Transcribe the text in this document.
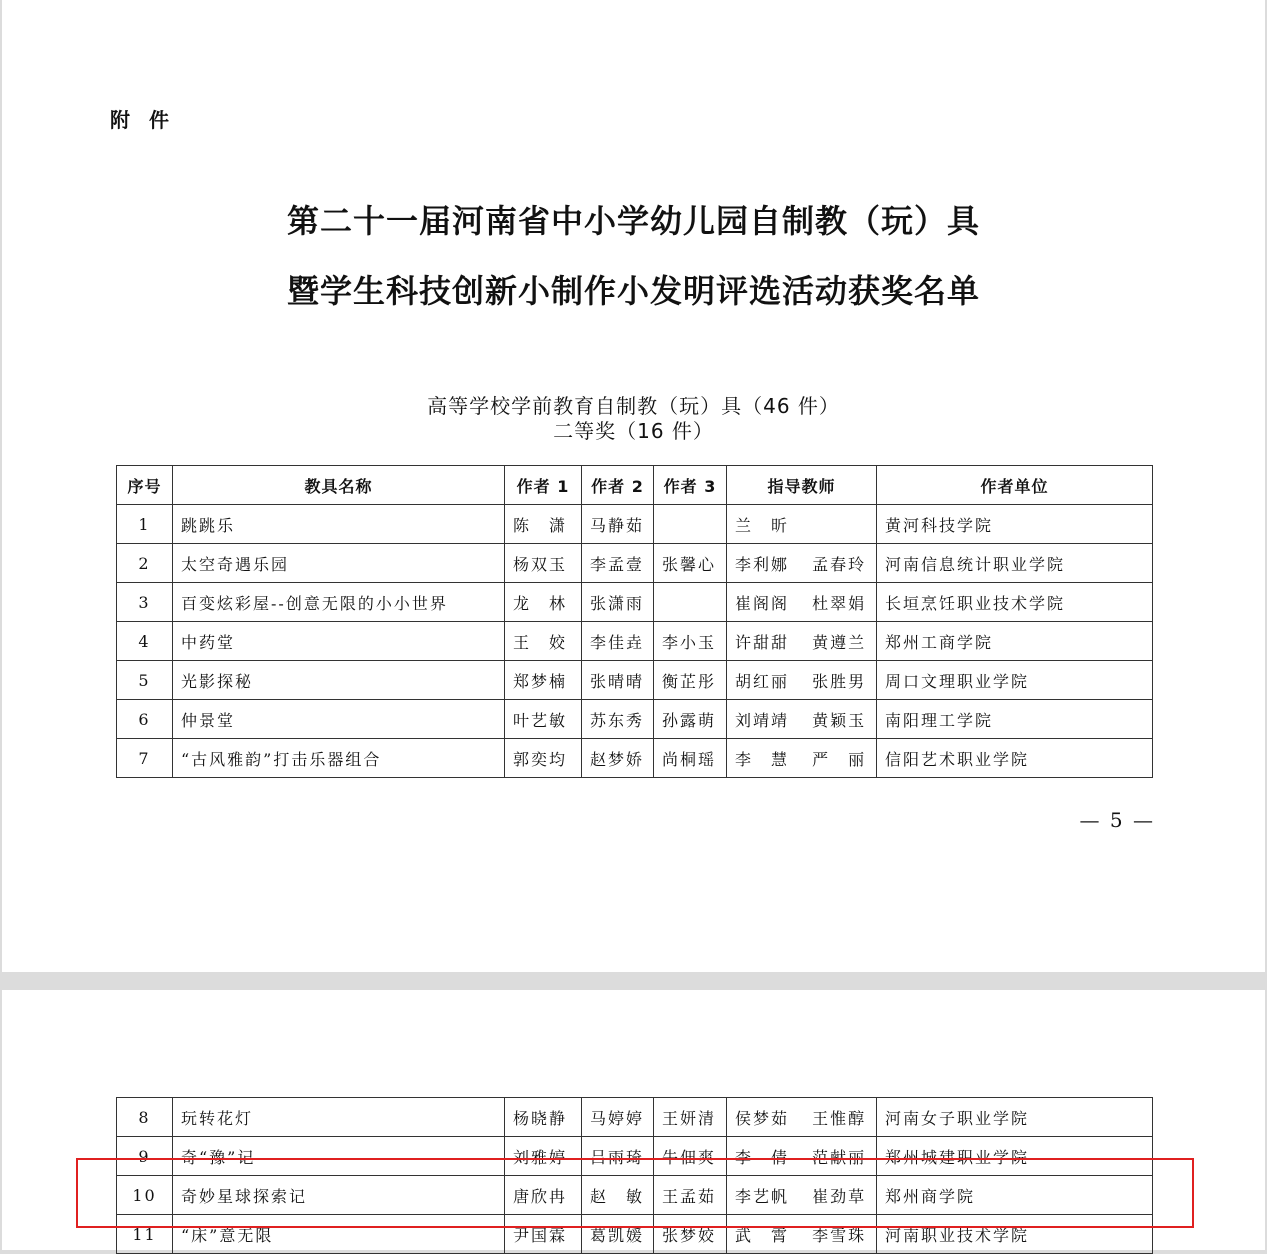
附 件
第二十一届河南省中小学幼儿园自制教（玩）具
暨学生科技创新小制作小发明评选活动获奖名单
高等学校学前教育自制教（玩）具（46 件）
二等奖（16 件）
序号	教具名称	作者 1	作者 2	作者 3	指导教师	作者单位
1	跳跳乐	陈　潇	马静茹		兰　昕	黄河科技学院
2	太空奇遇乐园	杨双玉	李孟壹	张馨心	李利娜 孟春玲	河南信息统计职业学院
3	百变炫彩屋--创意无限的小小世界	龙　林	张潇雨		崔阁阁 杜翠娟	长垣烹饪职业技术学院
4	中药堂	王　姣	李佳垚	李小玉	许甜甜 黄遵兰	郑州工商学院
5	光影探秘	郑梦楠	张晴晴	衡芷彤	胡红丽 张胜男	周口文理职业学院
6	仲景堂	叶艺敏	苏东秀	孙露萌	刘靖靖 黄颖玉	南阳理工学院
7	“古风雅韵”打击乐器组合	郭奕均	赵梦娇	尚桐瑶	李　慧 严　丽	信阳艺术职业学院
— 5 —
8	玩转花灯	杨晓静	马婷婷	王妍清	侯梦茹 王惟醇	河南女子职业学院
9	奇“豫”记	刘雅婷	吕雨琦	牛佃爽	李　倩 范献丽	郑州城建职业学院
10	奇妙星球探索记	唐欣冉	赵　敏	王孟茹	李艺帆 崔劲草	郑州商学院
11	“床”意无限	尹国霖	葛凯媛	张梦姣	武　霄 李雪珠	河南职业技术学院
